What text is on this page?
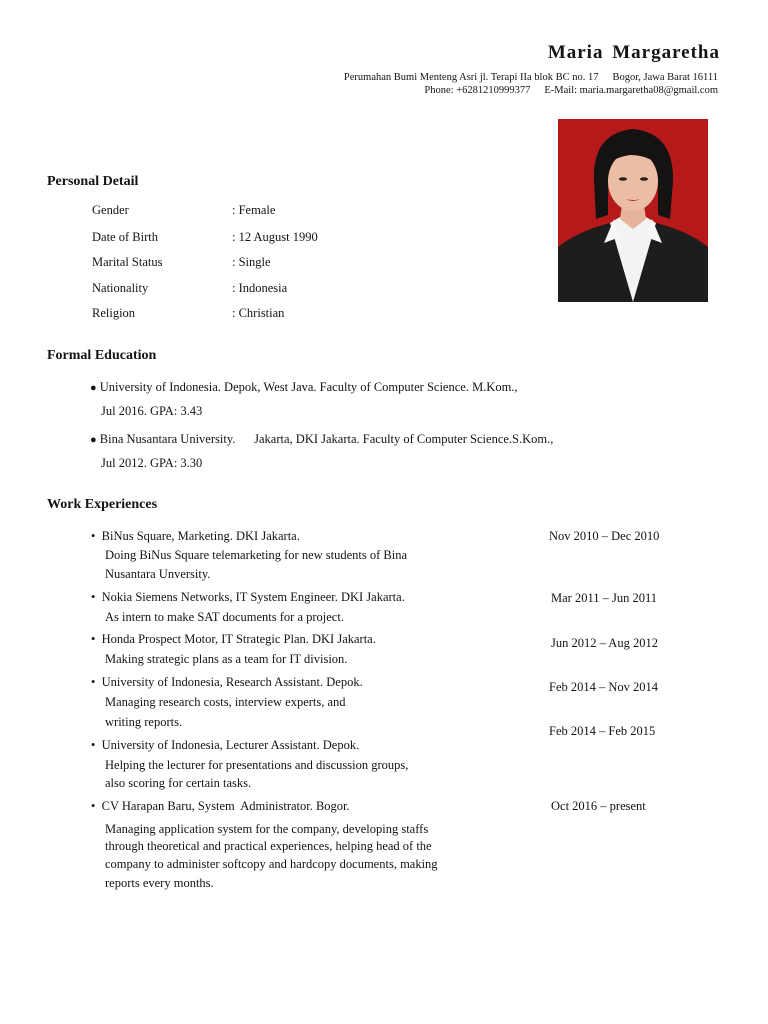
Maria Margaretha
Perumahan Bumi Menteng Asri jl. Terapi IIa blok BC no. 17 Bogor, Jawa Barat 16111
Phone: +6281210999377 E-Mail: maria.margaretha08@gmail.com
Personal Detail
Gender	: Female
Date of Birth	: 12 August 1990
Marital Status	: Single
Nationality	: Indonesia
Religion	: Christian
Formal Education
● University of Indonesia. Depok, West Java. Faculty of Computer Science. M.Kom.,
Jul 2016. GPA: 3.43
● Bina Nusantara University.      Jakarta, DKI Jakarta. Faculty of Computer Science.S.Kom.,
Jul 2012. GPA: 3.30
Work Experiences
•  BiNus Square, Marketing. DKI Jakarta.
Doing BiNus Square telemarketing for new students of Bina
Nusantara Unversity.
Nov 2010 – Dec 2010
•  Nokia Siemens Networks, IT System Engineer. DKI Jakarta.
As intern to make SAT documents for a project.
Mar 2011 – Jun 2011
•  Honda Prospect Motor, IT Strategic Plan. DKI Jakarta.
Making strategic plans as a team for IT division.
Jun 2012 – Aug 2012
•  University of Indonesia, Research Assistant. Depok.
Managing research costs, interview experts, and
writing reports.
Feb 2014 – Nov 2014
•  University of Indonesia, Lecturer Assistant. Depok.
Helping the lecturer for presentations and discussion groups,
also scoring for certain tasks.
Feb 2014 – Feb 2015
•  CV Harapan Baru, System  Administrator. Bogor.
Managing application system for the company, developing staffs
through theoretical and practical experiences, helping head of the
company to administer softcopy and hardcopy documents, making
reports every months.
Oct 2016 – present
